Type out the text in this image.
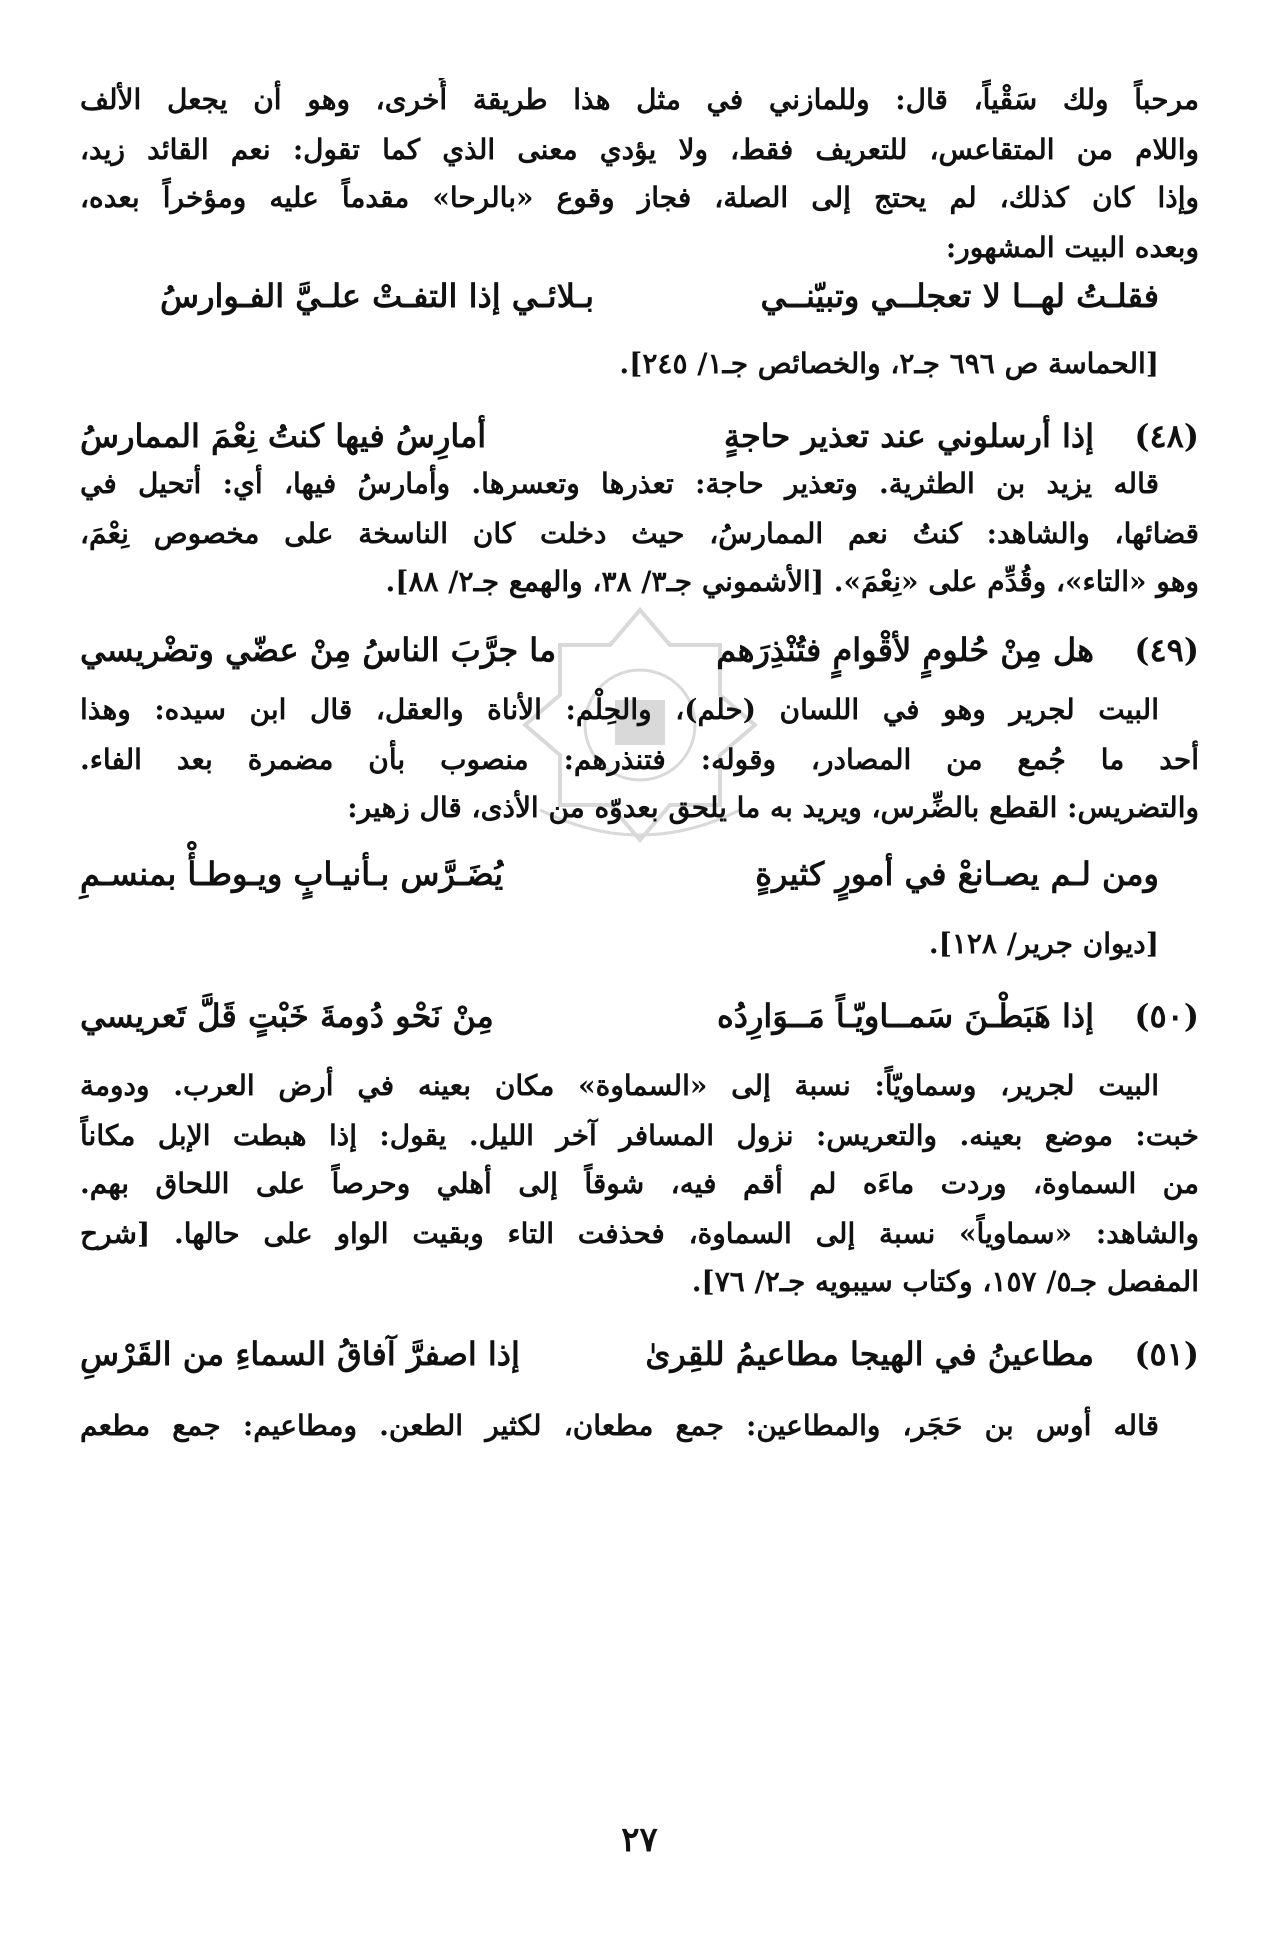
مرحباً ولك سَقْياً، قال: وللمازني في مثل هذا طريقة أُخرى، وهو أن يجعل الألف
واللام من المتقاعس، للتعريف فقط، ولا يؤدي معنى الذي كما تقول: نعم القائد زيد،
وإذا كان كذلك، لم يحتج إلى الصلة، فجاز وقوع «بالرحا» مقدماً عليه ومؤخراً بعده،
وبعده البيت المشهور:
فقلـتُ لهــا لا تعجلــي وتبيّنــي
بـلائـي إذا التفـتْ علـيَّ الفـوارسُ
[الحماسة ص ٦٩٦ جـ٢، والخصائص جـ١/ ٢٤٥].
(٤٨)
إذا أرسلوني عند تعذير حاجةٍ
أمارِسُ فيها كنتُ نِعْمَ الممارسُ
قاله يزيد بن الطثرية. وتعذير حاجة: تعذرها وتعسرها. وأمارسُ فيها، أي: أتحيل في
قضائها، والشاهد: كنتُ نعم الممارسُ، حيث دخلت كان الناسخة على مخصوص نِعْمَ،
وهو «التاء»، وقُدِّم على «نِعْمَ». [الأشموني جـ٣/ ٣٨، والهمع جـ٢/ ٨٨].
(٤٩)
هل مِنْ حُلومٍ لأقْوامٍ فتُنْذِرَهم
ما جرَّبَ الناسُ مِنْ عضّي وتضْريسي
البيت لجرير وهو في اللسان (حلم)، والحِلْم: الأناة والعقل، قال ابن سيده: وهذا
أحد ما جُمع من المصادر، وقوله: فتنذرهم: منصوب بأن مضمرة بعد الفاء.
والتضريس: القطع بالضِّرس، ويريد به ما يلحق بعدوّه من الأذى، قال زهير:
ومن لـم يصـانعْ في أمورٍ كثيرةٍ
يُضَـرَّس بـأنيـابٍ ويـوطـأْ بمنسـمِ
[ديوان جرير/ ١٢٨].
(٥٠)
إذا هَبَطْـنَ سَمــاويّـاً مَــوَارِدُه
مِنْ نَحْو دُومةَ خَبْتٍ قَلَّ تَعريسي
البيت لجرير، وسماويّاً: نسبة إلى «السماوة» مكان بعينه في أرض العرب. ودومة
خبت: موضع بعينه. والتعريس: نزول المسافر آخر الليل. يقول: إذا هبطت الإبل مكاناً
من السماوة، وردت ماءَه لم أقم فيه، شوقاً إلى أهلي وحرصاً على اللحاق بهم.
والشاهد: «سماوياً» نسبة إلى السماوة، فحذفت التاء وبقيت الواو على حالها. [شرح
المفصل جـ٥/ ١٥٧، وكتاب سيبويه جـ٢/ ٧٦].
(٥١)
مطاعينُ في الهيجا مطاعيمُ للقِرىٰ
إذا اصفرَّ آفاقُ السماءِ من القَرْسِ
قاله أوس بن حَجَر، والمطاعين: جمع مطعان، لكثير الطعن. ومطاعيم: جمع مطعم
٢٧
